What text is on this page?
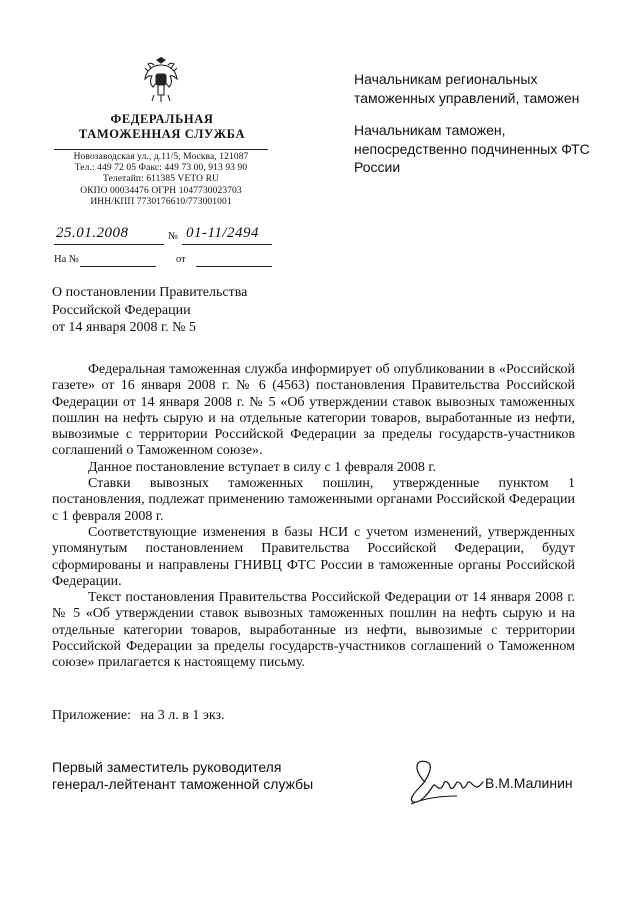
ФЕДЕРАЛЬНАЯ
ТАМОЖЕННАЯ СЛУЖБА
Новозаводская ул., д.11/5, Москва, 121087
Тел.: 449 72 05 Факс: 449 73 00, 913 93 90
Телетайп: 611385 VETO RU
ОКПО 00034476 ОГРН 1047730023703
ИНН/КПП 7730176610/773001001
25.01.2008	№ 01-11/2494
На №	от

Начальникам региональных таможенных управлений, таможен

Начальникам таможен, непосредственно подчиненных ФТС России

О постановлении Правительства
Российской Федерации
от 14 января 2008 г. № 5

Федеральная таможенная служба информирует об опубликовании в «Российской газете» от 16 января 2008 г. № 6 (4563) постановления Правительства Российской Федерации от 14 января 2008 г. № 5 «Об утверждении ставок вывозных таможенных пошлин на нефть сырую и на отдельные категории товаров, выработанные из нефти, вывозимые с территории Российской Федерации за пределы государств-участников соглашений о Таможенном союзе».

Данное постановление вступает в силу с 1 февраля 2008 г.

Ставки вывозных таможенных пошлин, утвержденные пунктом 1 постановления, подлежат применению таможенными органами Российской Федерации с 1 февраля 2008 г.

Соответствующие изменения в базы НСИ с учетом изменений, утвержденных упомянутым постановлением Правительства Российской Федерации, будут сформированы и направлены ГНИВЦ ФТС России в таможенные органы Российской Федерации.

Текст постановления Правительства Российской Федерации от 14 января 2008 г. № 5 «Об утверждении ставок вывозных таможенных пошлин на нефть сырую и на отдельные категории товаров, выработанные из нефти, вывозимые с территории Российской Федерации за пределы государств-участников соглашений о Таможенном союзе» прилагается к настоящему письму.

Приложение: на 3 л. в 1 экз.
Первый заместитель руководителя
генерал-лейтенант таможенной службы	В.М.Малинин
